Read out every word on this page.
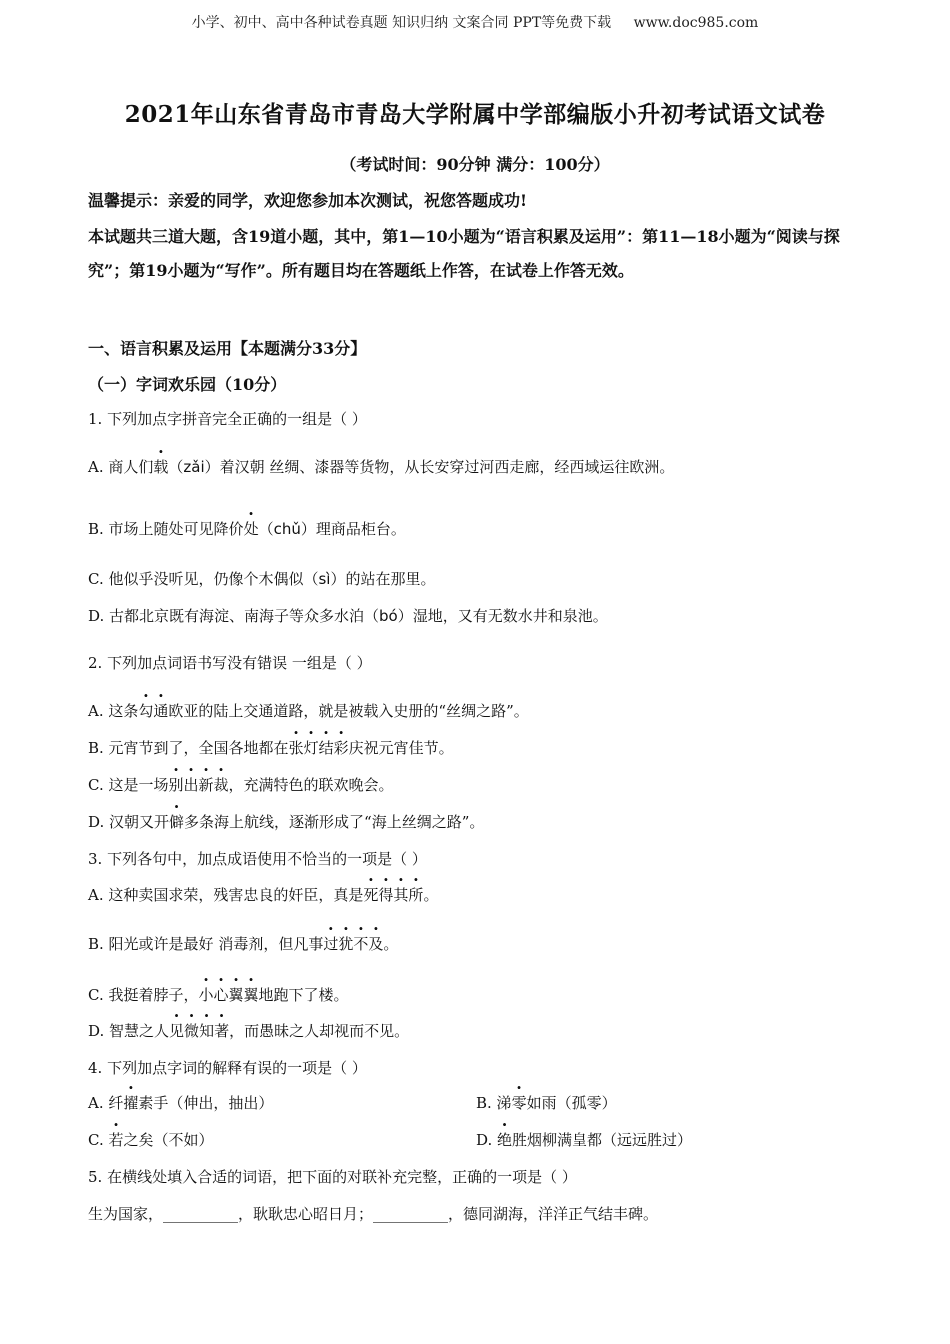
小学、初中、高中各种试卷真题 知识归纳 文案合同 PPT等免费下载 www.doc985.com
2021年山东省青岛市青岛大学附属中学部编版小升初考试语文试卷
（考试时间：90分钟 满分：100分）
温馨提示：亲爱的同学，欢迎您参加本次测试，祝您答题成功!
本试题共三道大题，含19道小题，其中，第1—10小题为“语言积累及运用”：第11—18小题为“阅读与探究”；第19小题为“写作”。所有题目均在答题纸上作答，在试卷上作答无效。
一、语言积累及运用【本题满分33分】
（一）字词欢乐园（10分）
1. 下列加点字拼音完全正确的一组是（ ）
A. 商人们载（zǎi）着汉朝 丝绸、漆器等货物，从长安穿过河西走廊，经西域运往欧洲。
B. 市场上随处可见降价处（chǔ）理商品柜台。
C. 他似乎没听见，仍像个木偶似（sì）的站在那里。
D. 古都北京既有海淀、南海子等众多水泊（bó）湿地，又有无数水井和泉池。
2. 下列加点词语书写没有错误 一组是（ ）
A. 这条勾通欧亚的陆上交通道路，就是被载入史册的“丝绸之路”。
B. 元宵节到了，全国各地都在张灯结彩庆祝元宵佳节。
C. 这是一场别出新裁，充满特色的联欢晚会。
D. 汉朝又开僻多条海上航线，逐渐形成了“海上丝绸之路”。
3. 下列各句中，加点成语使用不恰当的一项是（ ）
A. 这种卖国求荣，残害忠良的奸臣，真是死得其所。
B. 阳光或许是最好 消毒剂，但凡事过犹不及。
C. 我挺着脖子，小心翼翼地跑下了楼。
D. 智慧之人见微知著，而愚昧之人却视而不见。
4. 下列加点字词的解释有误的一项是（ ）
A. 纤擢素手（伸出，抽出）	B. 涕零如雨（孤零）
C. 若之矣（不如）	D. 绝胜烟柳满皇都（远远胜过）
5. 在横线处填入合适的词语，把下面的对联补充完整，正确的一项是（ ）
生为国家，__________，耿耿忠心昭日月；__________，德同湖海，洋洋正气结丰碑。
